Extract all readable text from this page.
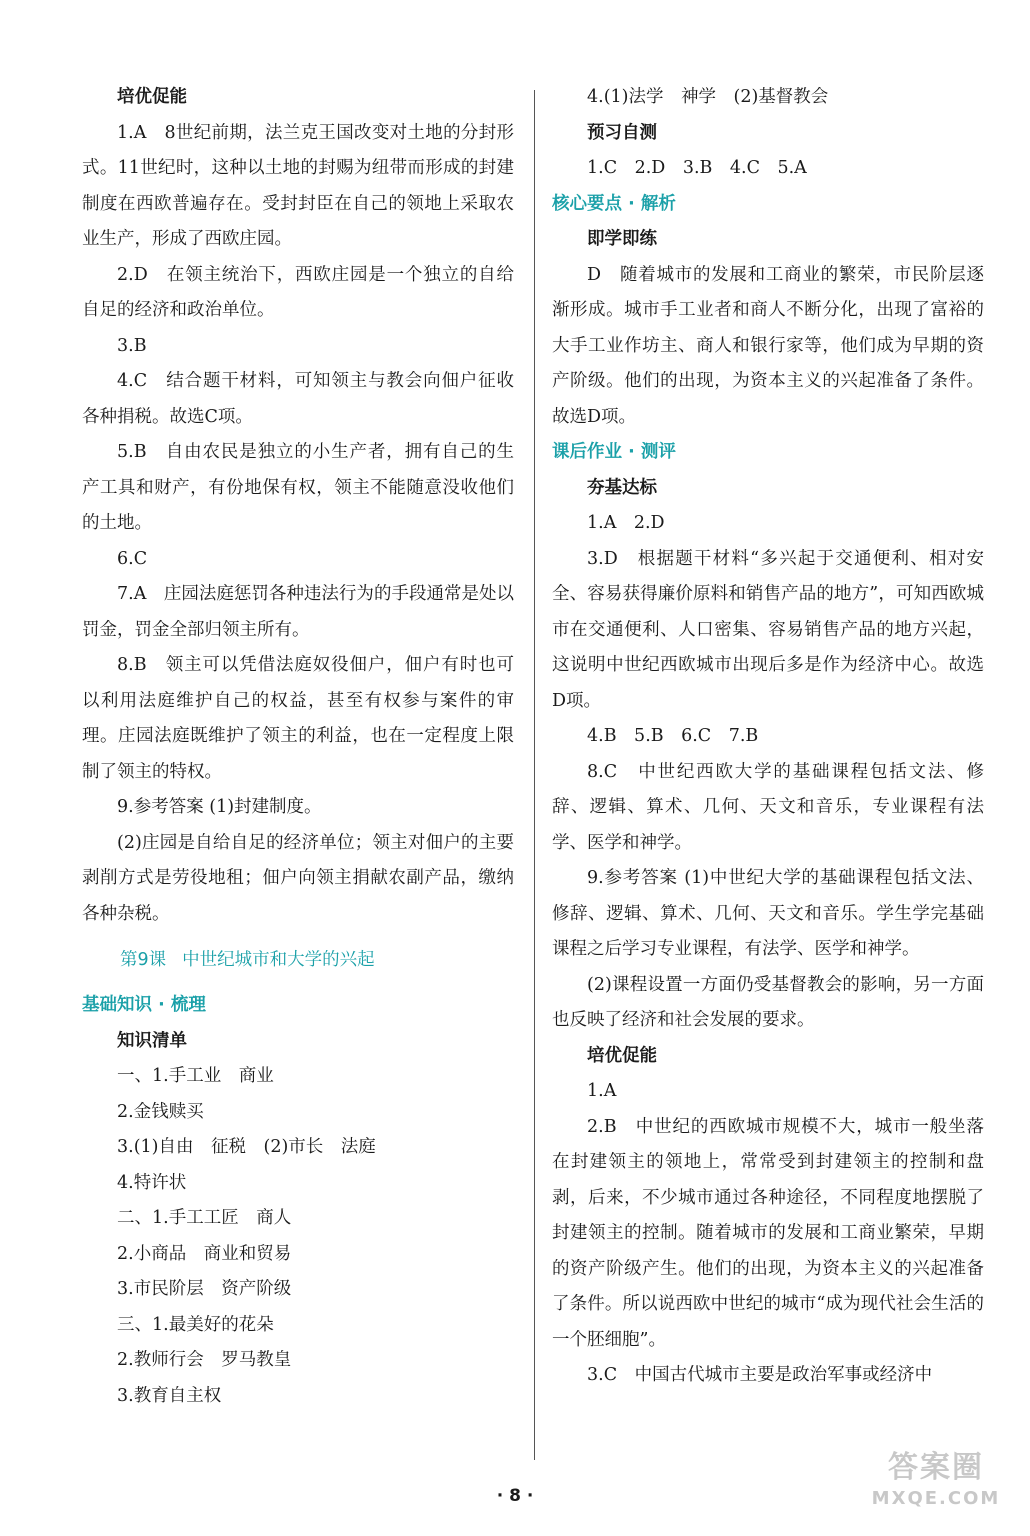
培优促能
1.A　8世纪前期，法兰克王国改变对土地的分封形式。11世纪时，这种以土地的封赐为纽带而形成的封建制度在西欧普遍存在。受封封臣在自己的领地上采取农业生产，形成了西欧庄园。
2.D　在领主统治下，西欧庄园是一个独立的自给自足的经济和政治单位。
3.B
4.C　结合题干材料，可知领主与教会向佃户征收各种捐税。故选C项。
5.B　自由农民是独立的小生产者，拥有自己的生产工具和财产，有份地保有权，领主不能随意没收他们的土地。
6.C
7.A　庄园法庭惩罚各种违法行为的手段通常是处以罚金，罚金全部归领主所有。
8.B　领主可以凭借法庭奴役佃户，佃户有时也可以利用法庭维护自己的权益，甚至有权参与案件的审理。庄园法庭既维护了领主的利益，也在一定程度上限制了领主的特权。
9.参考答案 (1)封建制度。
(2)庄园是自给自足的经济单位；领主对佃户的主要剥削方式是劳役地租；佃户向领主捐献农副产品，缴纳各种杂税。
第9课 中世纪城市和大学的兴起
基础知识 · 梳理
知识清单
一、1.手工业　商业
2.金钱赎买
3.(1)自由　征税　(2)市长　法庭
4.特许状
二、1.手工工匠　商人
2.小商品　商业和贸易
3.市民阶层　资产阶级
三、1.最美好的花朵
2.教师行会　罗马教皇
3.教育自主权
4.(1)法学　神学　(2)基督教会
预习自测
1.C　2.D　3.B　4.C　5.A
核心要点 · 解析
即学即练
D　随着城市的发展和工商业的繁荣，市民阶层逐渐形成。城市手工业者和商人不断分化，出现了富裕的大手工业作坊主、商人和银行家等，他们成为早期的资产阶级。他们的出现，为资本主义的兴起准备了条件。故选D项。
课后作业 · 测评
夯基达标
1.A　2.D
3.D　根据题干材料“多兴起于交通便利、相对安全、容易获得廉价原料和销售产品的地方”，可知西欧城市在交通便利、人口密集、容易销售产品的地方兴起，这说明中世纪西欧城市出现后多是作为经济中心。故选D项。
4.B　5.B　6.C　7.B
8.C　中世纪西欧大学的基础课程包括文法、修辞、逻辑、算术、几何、天文和音乐，专业课程有法学、医学和神学。
9.参考答案 (1)中世纪大学的基础课程包括文法、修辞、逻辑、算术、几何、天文和音乐。学生学完基础课程之后学习专业课程，有法学、医学和神学。
(2)课程设置一方面仍受基督教会的影响，另一方面也反映了经济和社会发展的要求。
培优促能
1.A
2.B　中世纪的西欧城市规模不大，城市一般坐落在封建领主的领地上，常常受到封建领主的控制和盘剥，后来，不少城市通过各种途径，不同程度地摆脱了封建领主的控制。随着城市的发展和工商业繁荣，早期的资产阶级产生。他们的出现，为资本主义的兴起准备了条件。所以说西欧中世纪的城市“成为现代社会生活的一个胚细胞”。
3.C　中国古代城市主要是政治军事或经济中
· 8 ·
答案圈
MXQE.COM
